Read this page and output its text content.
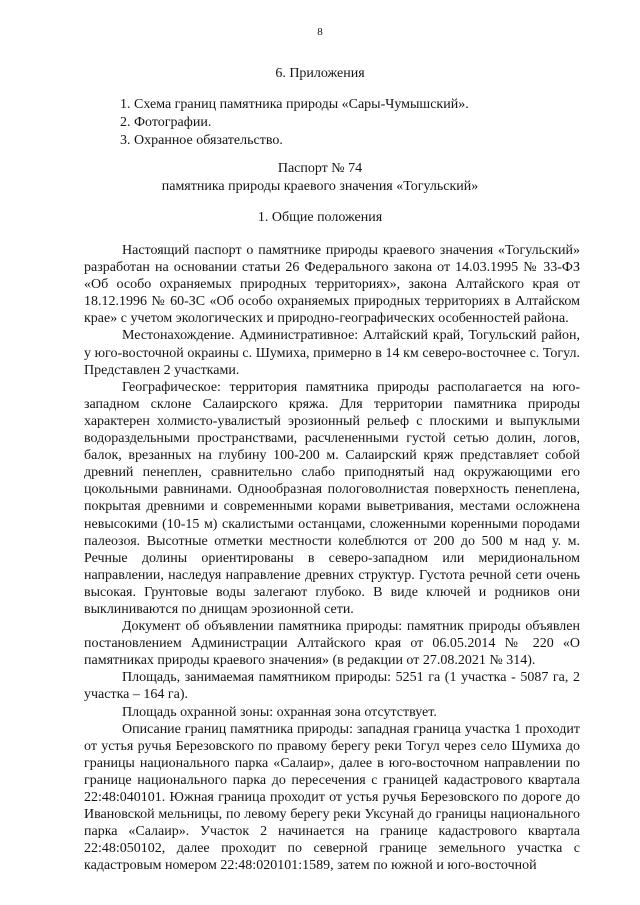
8
6. Приложения
1. Схема границ памятника природы «Сары-Чумышский».
2. Фотографии.
3. Охранное обязательство.
Паспорт № 74
памятника природы краевого значения «Тогульский»
1. Общие положения

Настоящий паспорт о памятнике природы краевого значения «Тогульский» разработан на основании статьи 26 Федерального закона от 14.03.1995 № 33-ФЗ «Об особо охраняемых природных территориях», закона Алтайского края от 18.12.1996 № 60-ЗС «Об особо охраняемых природных территориях в Алтайском крае» с учетом экологических и природно-географических особенностей района.

Местонахождение. Административное: Алтайский край, Тогульский район, у юго-восточной окраины с. Шумиха, примерно в 14 км северо-восточнее с. Тогул. Представлен 2 участками.

Географическое: территория памятника природы располагается на юго-западном склоне Салаирского кряжа. Для территории памятника природы характерен холмисто-увалистый эрозионный рельеф с плоскими и выпуклыми водораздельными пространствами, расчлененными густой сетью долин, логов, балок, врезанных на глубину 100-200 м. Салаирский кряж представляет собой древний пенеплен, сравнительно слабо приподнятый над окружающими его цокольными равнинами. Однообразная пологоволнистая поверхность пенеплена, покрытая древними и современными корами выветривания, местами осложнена невысокими (10-15 м) скалистыми останцами, сложенными коренными породами палеозоя. Высотные отметки местности колеблются от 200 до 500 м над у. м. Речные долины ориентированы в северо-западном или меридиональном направлении, наследуя направление древних структур. Густота речной сети очень высокая. Грунтовые воды залегают глубоко. В виде ключей и родников они выклиниваются по днищам эрозионной сети.

Документ об объявлении памятника природы: памятник природы объявлен постановлением Администрации Алтайского края от 06.05.2014 № 220 «О памятниках природы краевого значения» (в редакции от 27.08.2021 № 314).

Площадь, занимаемая памятником природы: 5251 га (1 участка - 5087 га, 2 участка – 164 га).

Площадь охранной зоны: охранная зона отсутствует.

Описание границ памятника природы: западная граница участка 1 проходит от устья ручья Березовского по правому берегу реки Тогул через село Шумиха до границы национального парка «Салаир», далее в юго-восточном направлении по границе национального парка до пересечения с границей кадастрового квартала 22:48:040101. Южная граница проходит от устья ручья Березовского по дороге до Ивановской мельницы, по левому берегу реки Уксунай до границы национального парка «Салаир». Участок 2 начинается на границе кадастрового квартала 22:48:050102, далее проходит по северной границе земельного участка с кадастровым номером 22:48:020101:1589, затем по южной и юго-восточной
